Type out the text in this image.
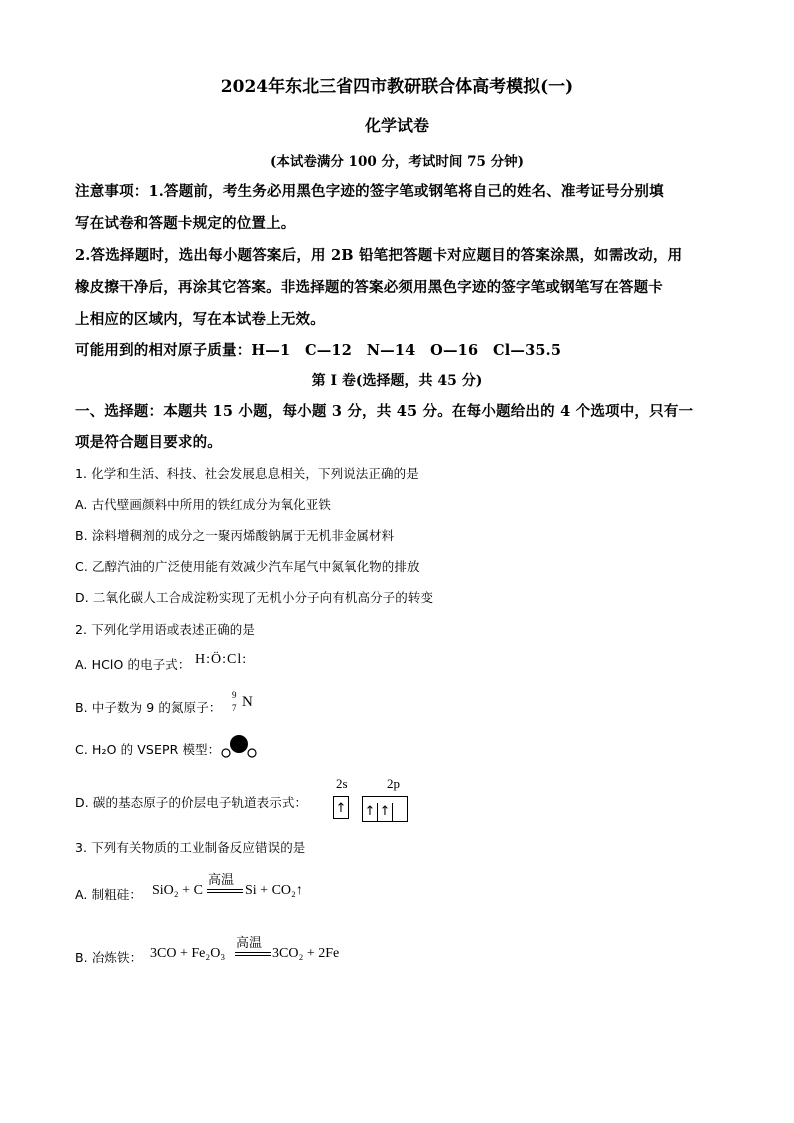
2024年东北三省四市教研联合体高考模拟(一)
化学试卷
(本试卷满分 100 分，考试时间 75 分钟)
注意事项：1.答题前，考生务必用黑色字迹的签字笔或钢笔将自己的姓名、准考证号分别填
写在试卷和答题卡规定的位置上。
2.答选择题时，选出每小题答案后，用 2B 铅笔把答题卡对应题目的答案涂黑，如需改动，用
橡皮擦干净后，再涂其它答案。非选择题的答案必须用黑色字迹的签字笔或钢笔写在答题卡
上相应的区域内，写在本试卷上无效。
可能用到的相对原子质量：H—1　C—12　N—14　O—16　Cl—35.5
第 I 卷(选择题，共 45 分)
一、选择题：本题共 15 小题，每小题 3 分，共 45 分。在每小题给出的 4 个选项中，只有一
项是符合题目要求的。
1. 化学和生活、科技、社会发展息息相关，下列说法正确的是
A. 古代壁画颜料中所用的铁红成分为氧化亚铁
B. 涂料增稠剂的成分之一聚丙烯酸钠属于无机非金属材料
C. 乙醇汽油的广泛使用能有效减少汽车尾气中氮氧化物的排放
D. 二氧化碳人工合成淀粉实现了无机小分子向有机高分子的转变
2. 下列化学用语或表述正确的是
A. HClO 的电子式： H:Ö:Cl:
B. 中子数为 9 的氮原子：
9
7 N
C. H₂O 的 VSEPR 模型：
D. 碳的基态原子的价层电子轨道表示式：
2s	2p
↑ ↑ ↑
3. 下列有关物质的工业制备反应错误的是
A. 制粗硅： SiO₂ + C
高温
Si + CO₂↑
B. 冶炼铁： 3CO + Fe₂O₃
高温
3CO₂ + 2Fe
